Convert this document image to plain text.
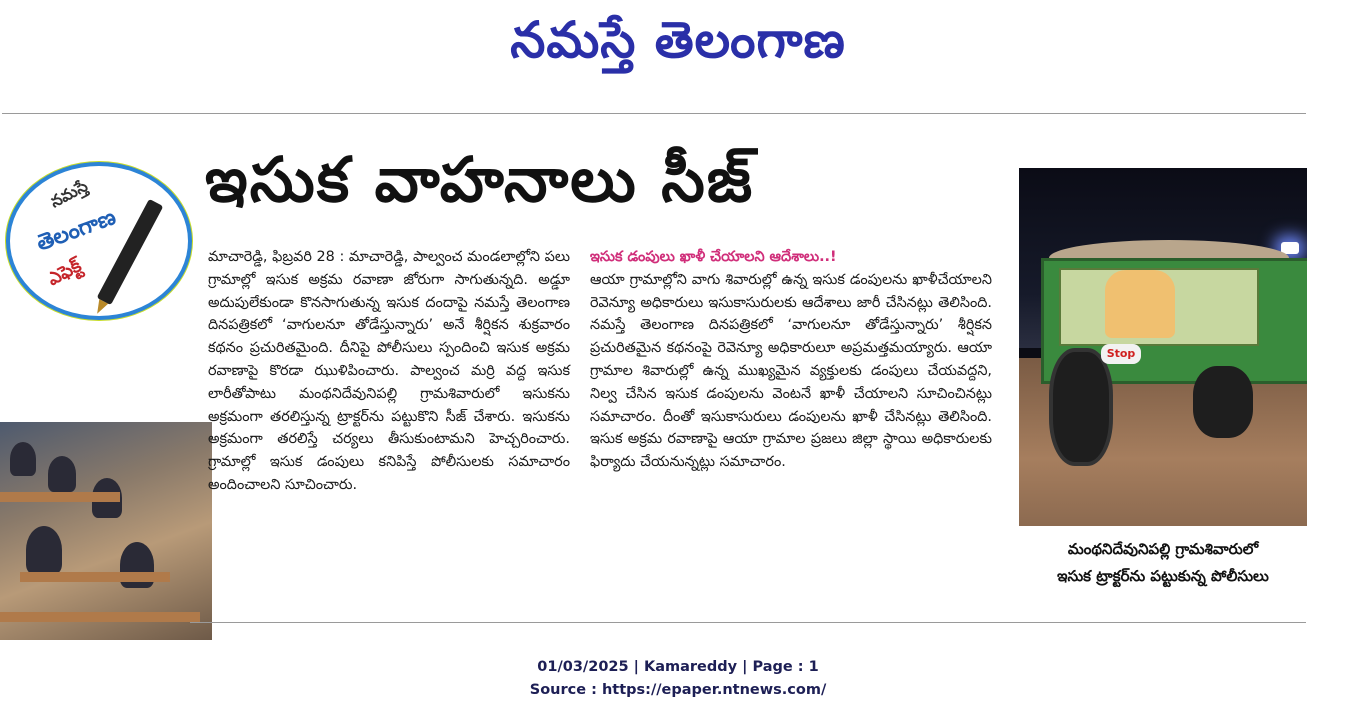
నమస్తే తెలంగాణ
నమస్తే
తెలంగాణ
ఎఫెక్ట్
ఇసుక వాహనాలు సీజ్

మాచారెడ్డి, ఫిబ్రవరి 28 : మాచారెడ్డి, పాల్వంచ మండలాల్లోని పలు గ్రామాల్లో ఇసుక అక్రమ రవాణా జోరుగా సాగుతున్నది. అడ్డూ అదుపులేకుండా కొనసాగుతున్న ఇసుక దందాపై నమస్తే తెలంగాణ దినపత్రికలో ‘వాగులనూ తోడేస్తున్నారు’ అనే శీర్షికన శుక్రవారం కథనం ప్రచురితమైంది. దీనిపై పోలీసులు స్పందించి ఇసుక అక్రమ రవాణాపై కొరడా ఝుళిపించారు. పాల్వంచ మర్రి వద్ద ఇసుక లారీతోపాటు మంథనిదేవునిపల్లి గ్రామశివారులో ఇసుకను అక్రమంగా తరలిస్తున్న ట్రాక్టర్‌ను పట్టుకొని సీజ్ చేశారు. ఇసుకను అక్రమంగా తరలిస్తే చర్యలు తీసుకుంటామని హెచ్చరించారు. గ్రామాల్లో ఇసుక డంపులు కనిపిస్తే పోలీసులకు సమాచారం అందించాలని సూచించారు.

ఇసుక డంపులు ఖాళీ చేయాలని ఆదేశాలు..!

ఆయా గ్రామాల్లోని వాగు శివారుల్లో ఉన్న ఇసుక డంపులను ఖాళీచేయాలని రెవెన్యూ అధికారులు ఇసుకాసురులకు ఆదేశాలు జారీ చేసినట్లు తెలిసింది. నమస్తే తెలంగాణ దినపత్రికలో ‘వాగులనూ తోడేస్తున్నారు’ శీర్షికన ప్రచురితమైన కథనంపై రెవెన్యూ అధికారులూ అప్రమత్తమయ్యారు. ఆయా గ్రామాల శివారుల్లో ఉన్న ముఖ్యమైన వ్యక్తులకు డంపులు చేయవద్దని, నిల్వ చేసిన ఇసుక డంపులను వెంటనే ఖాళీ చేయాలని సూచించినట్లు సమాచారం. దీంతో ఇసుకాసురులు డంపులను ఖాళీ చేసినట్లు తెలిసింది. ఇసుక అక్రమ రవాణాపై ఆయా గ్రామాల ప్రజలు జిల్లా స్థాయి అధికారులకు ఫిర్యాదు చేయనున్నట్లు సమాచారం.

Stop
మంథనిదేవునిపల్లి గ్రామశివారులో
ఇసుక ట్రాక్టర్‌ను పట్టుకున్న పోలీసులు
01/03/2025 | Kamareddy | Page : 1
Source : https://epaper.ntnews.com/
